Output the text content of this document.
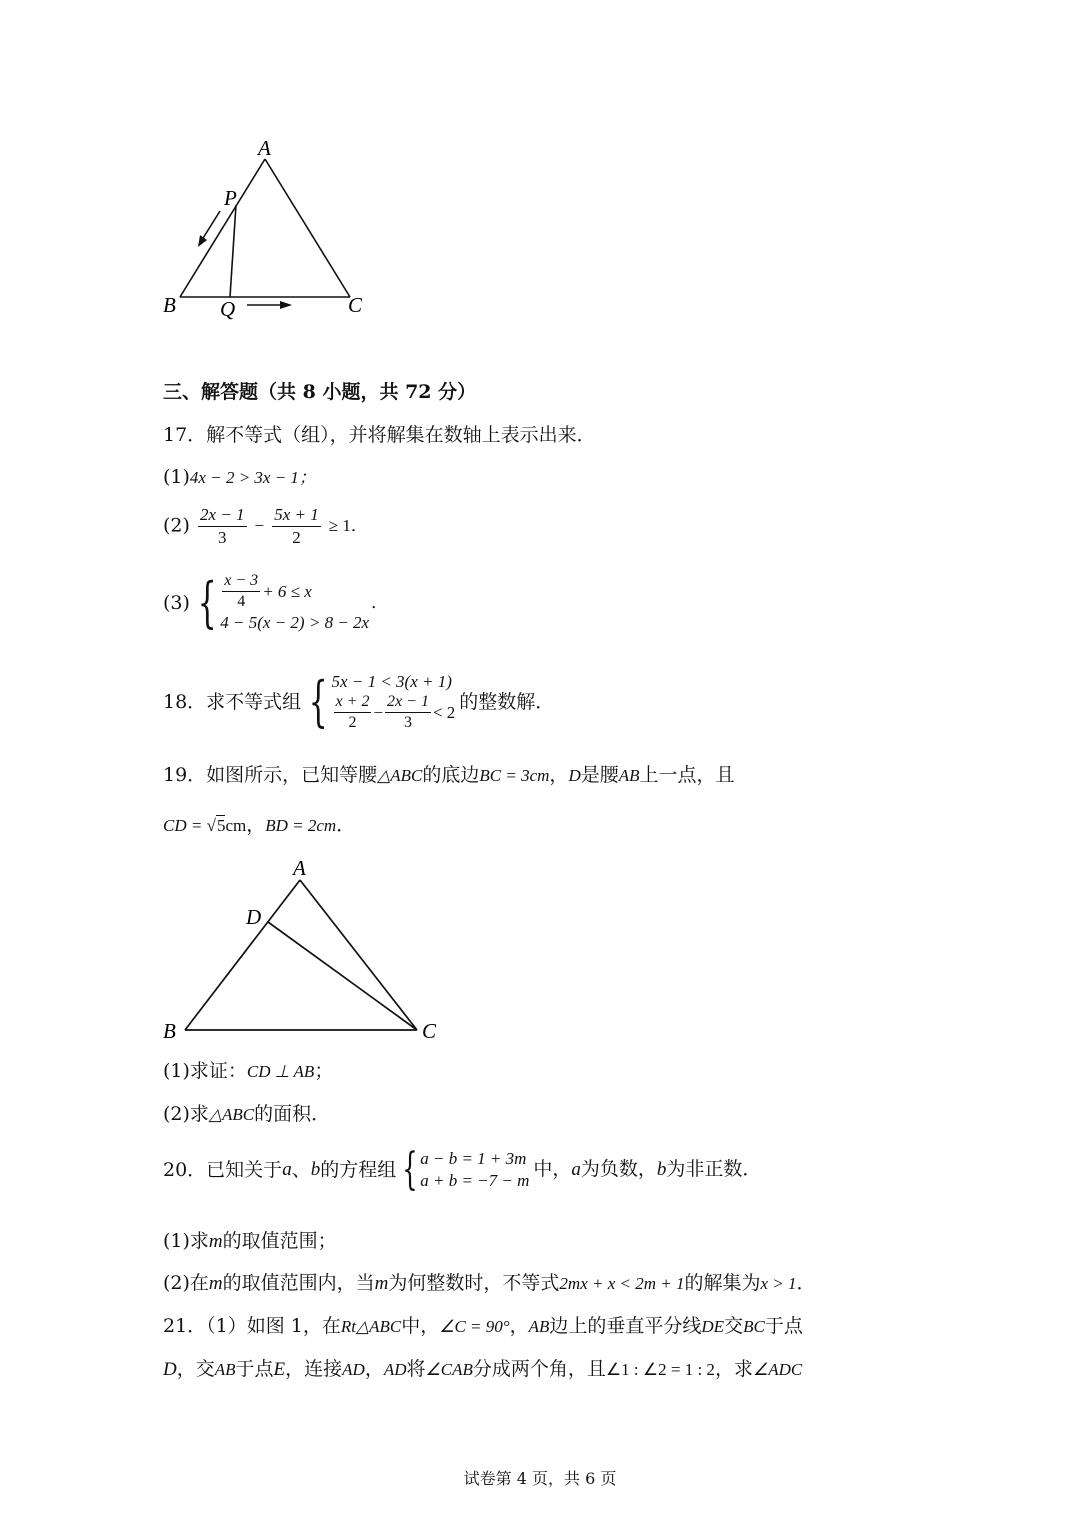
A
P
B Q	C
三、解答题（共 8 小题，共 72 分）
17．解不等式（组），并将解集在数轴上表示出来．
(1)4x − 2 > 3x − 1；
$(2) \frac{2x - 1}{3} - \frac{5x + 1}{2} \ge 1$．
(3) { $\frac{x - 3}{4} + 6 \le x$
4 − 5(x − 2) > 8 − 2x
．
18．求不等式组 { 5x − 1 < 3(x + 1)
$\frac{x + 2}{2} - \frac{2x - 1}{3} < 2$ 的整数解．
19．如图所示，已知等腰△ABC的底边BC = 3cm，D是腰AB上一点，且
CD = √5cm，BD = 2cm．
A
D
B	C
(1)求证：CD ⊥ AB；
(2)求△ABC的面积．
20．已知关于 a 、 b 的方程组 { a − b = 1 + 3m
a + b = −7 − m
中，a为负数，b为非正数．
(1)求m的取值范围；
(2)在m的取值范围内，当m为何整数时，不等式2mx + x < 2m + 1的解集为x > 1．
21．（1）如图 1，在Rt△ABC中，∠C = 90°，AB边上的垂直平分线DE交BC于点
D，交AB于点E，连接AD，AD将∠CAB分成两个角，且∠1 : ∠2 = 1 : 2，求∠ADC
试卷第 4 页，共 6 页
